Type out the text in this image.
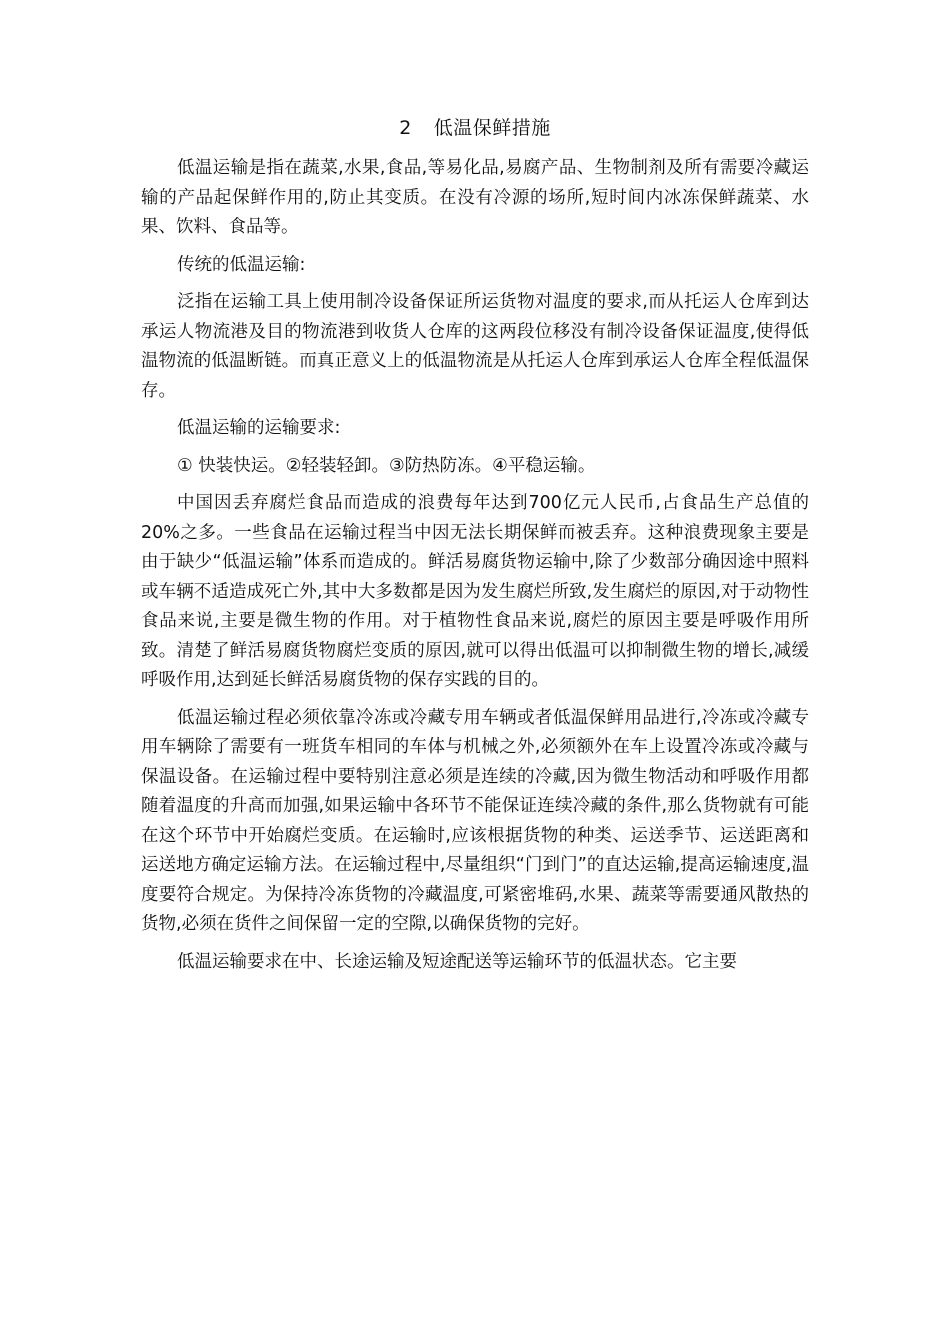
2 低温保鲜措施

低温运输是指在蔬菜,水果,食品,等易化品,易腐产品、生物制剂及所有需要冷藏运输的产品起保鲜作用的,防止其变质。在没有冷源的场所,短时间内冰冻保鲜蔬菜、水果、饮料、食品等。

传统的低温运输:

泛指在运输工具上使用制冷设备保证所运货物对温度的要求,而从托运人仓库到达承运人物流港及目的物流港到收货人仓库的这两段位移没有制冷设备保证温度,使得低温物流的低温断链。而真正意义上的低温物流是从托运人仓库到承运人仓库全程低温保存。

低温运输的运输要求:

① 快装快运。②轻装轻卸。③防热防冻。④平稳运输。

中国因丢弃腐烂食品而造成的浪费每年达到700亿元人民币,占食品生产总值的20%之多。一些食品在运输过程当中因无法长期保鲜而被丢弃。这种浪费现象主要是由于缺少“低温运输”体系而造成的。鲜活易腐货物运输中,除了少数部分确因途中照料或车辆不适造成死亡外,其中大多数都是因为发生腐烂所致,发生腐烂的原因,对于动物性食品来说,主要是微生物的作用。对于植物性食品来说,腐烂的原因主要是呼吸作用所致。清楚了鲜活易腐货物腐烂变质的原因,就可以得出低温可以抑制微生物的增长,减缓呼吸作用,达到延长鲜活易腐货物的保存实践的目的。

低温运输过程必须依靠冷冻或冷藏专用车辆或者低温保鲜用品进行,冷冻或冷藏专用车辆除了需要有一班货车相同的车体与机械之外,必须额外在车上设置冷冻或冷藏与保温设备。在运输过程中要特别注意必须是连续的冷藏,因为微生物活动和呼吸作用都随着温度的升高而加强,如果运输中各环节不能保证连续冷藏的条件,那么货物就有可能在这个环节中开始腐烂变质。在运输时,应该根据货物的种类、运送季节、运送距离和运送地方确定运输方法。在运输过程中,尽量组织“门到门”的直达运输,提高运输速度,温度要符合规定。为保持冷冻货物的冷藏温度,可紧密堆码,水果、蔬菜等需要通风散热的货物,必须在货件之间保留一定的空隙,以确保货物的完好。

低温运输要求在中、长途运输及短途配送等运输环节的低温状态。它主要
